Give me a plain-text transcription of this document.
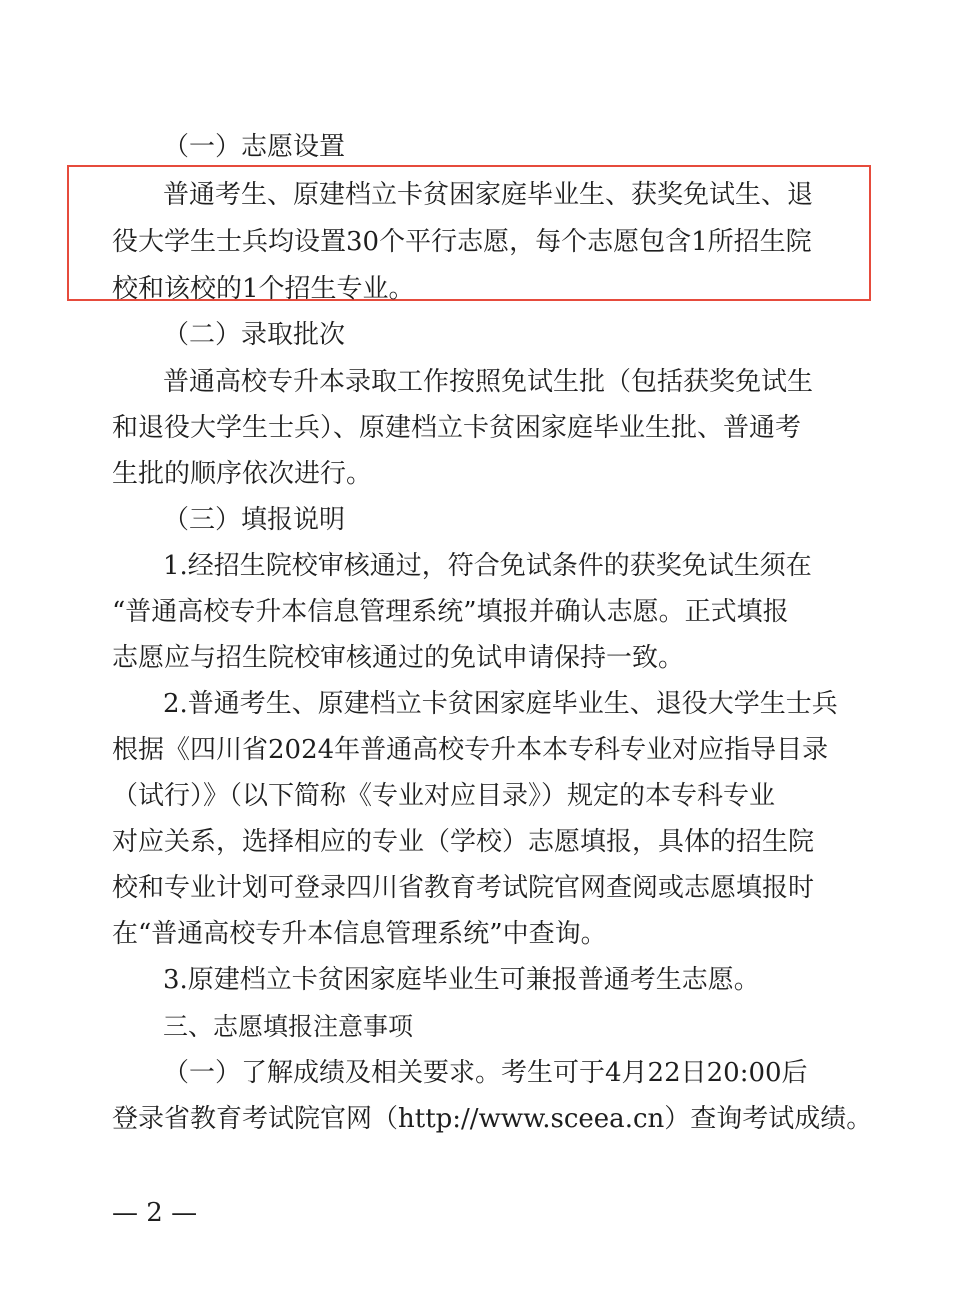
（一）志愿设置
普通考生、原建档立卡贫困家庭毕业生、获奖免试生、退
役大学生士兵均设置30个平行志愿，每个志愿包含1所招生院
校和该校的1个招生专业。
（二）录取批次
普通高校专升本录取工作按照免试生批（包括获奖免试生
和退役大学生士兵）、原建档立卡贫困家庭毕业生批、普通考
生批的顺序依次进行。
（三）填报说明
1.经招生院校审核通过，符合免试条件的获奖免试生须在
“普通高校专升本信息管理系统”填报并确认志愿。正式填报
志愿应与招生院校审核通过的免试申请保持一致。
2.普通考生、原建档立卡贫困家庭毕业生、退役大学生士兵
根据《四川省2024年普通高校专升本本专科专业对应指导目录
（试行）》（以下简称《专业对应目录》）规定的本专科专业
对应关系，选择相应的专业（学校）志愿填报，具体的招生院
校和专业计划可登录四川省教育考试院官网查阅或志愿填报时
在“普通高校专升本信息管理系统”中查询。
3.原建档立卡贫困家庭毕业生可兼报普通考生志愿。
三、志愿填报注意事项
（一）了解成绩及相关要求。考生可于4月22日20:00后
登录省教育考试院官网（http://www.sceea.cn）查询考试成绩。
— 2 —
